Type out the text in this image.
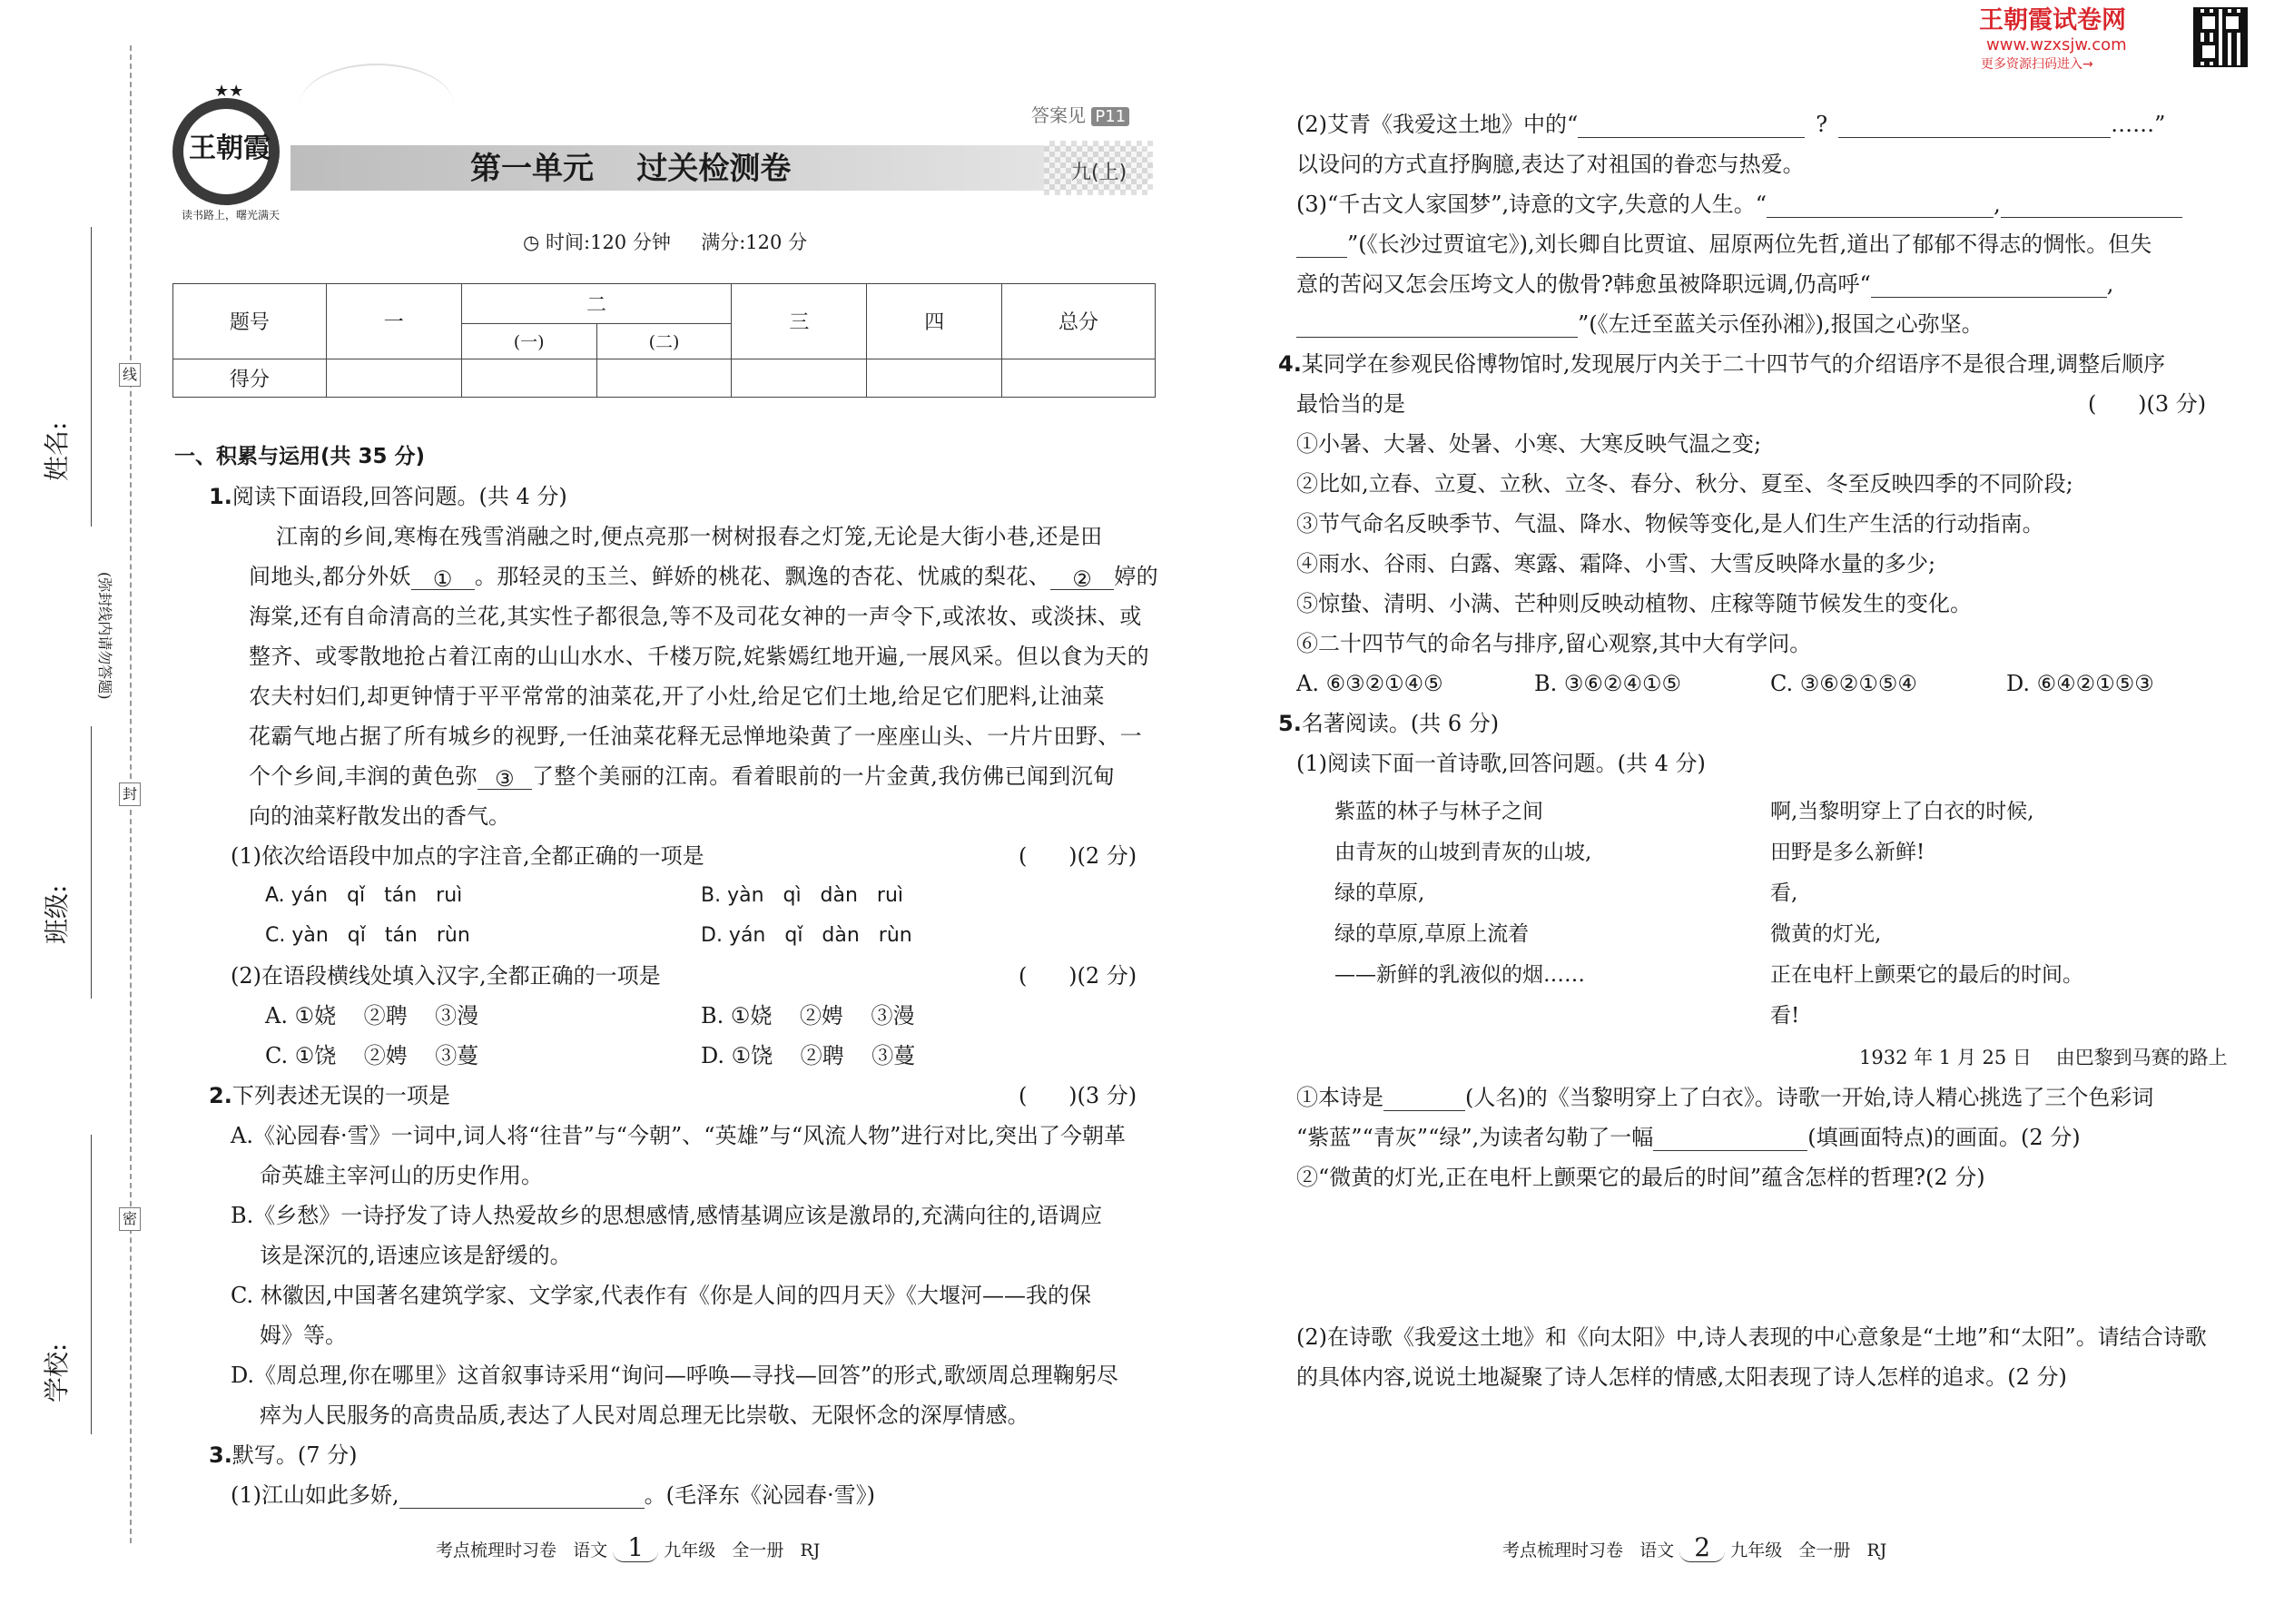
王朝霞试卷网
www.wzxsjw.com
更多资源扫码进入→
姓名:
班级:
学校:
线
封
密
(弥封线内请勿答题)
王朝霞
读书路上，曙光满天
★★
第一单元    过关检测卷
答案见 P11
九(上)
◷ 时间:120 分钟 满分:120 分
题号	一	二		三	四	总分
		(一)	(二)			
得分						
一、积累与运用(共 35 分)
1.阅读下面语段,回答问题。(共 4 分)
江南的乡间,寒梅在残雪消融之时,便点亮那一树树报春之灯笼,无论是大街小巷,还是田
间地头,都分外妖 ① 。那轻灵的玉兰、鲜娇的桃花、飘逸的杏花、忧戚的梨花、 ② 婷的
海棠,还有自命清高的兰花,其实性子都很急,等不及司花女神的一声令下,或浓妆、或淡抹、或
整齐、或零散地抢占着江南的山山水水、千楼万院,姹紫嫣红地开遍,一展风采。但以食为天的
农夫村妇们,却更钟情于平平常常的油菜花,开了小灶,给足它们土地,给足它们肥料,让油菜
花霸气地占据了所有城乡的视野,一任油菜花释无忌惮地染黄了一座座山头、一片片田野、一
个个乡间,丰润的黄色弥 ③ 了整个美丽的江南。看着眼前的一片金黄,我仿佛已闻到沉甸
向的油菜籽散发出的香气。
(1)依次给语段中加点的字注音,全都正确的一项是	(      )(2 分)
A. yán   qǐ   tán   ruì	B. yàn   qì   dàn   ruì
C. yàn   qǐ   tán   rùn	D. yán   qǐ   dàn   rùn
(2)在语段横线处填入汉字,全都正确的一项是	(      )(2 分)
A. ①娆    ②聘    ③漫	B. ①娆    ②娉    ③漫
C. ①饶    ②娉    ③蔓	D. ①饶    ②聘    ③蔓
2.下列表述无误的一项是	(      )(3 分)
A.《沁园春·雪》一词中,词人将“往昔”与“今朝”、“英雄”与“风流人物”进行对比,突出了今朝革
命英雄主宰河山的历史作用。
B.《乡愁》一诗抒发了诗人热爱故乡的思想感情,感情基调应该是激昂的,充满向往的,语调应
该是深沉的,语速应该是舒缓的。
C. 林徽因,中国著名建筑学家、文学家,代表作有《你是人间的四月天》《大堰河——我的保
姆》等。
D.《周总理,你在哪里》这首叙事诗采用“询问—呼唤—寻找—回答”的形式,歌颂周总理鞠躬尽
瘁为人民服务的高贵品质,表达了人民对周总理无比崇敬、无限怀念的深厚情感。
3.默写。(7 分)
(1)江山如此多娇,	。(毛泽东《沁园春·雪》)
考点梳理时习卷   语文 1 九年级   全一册   RJ
(2)艾青《我爱这土地》中的“	?	……”
以设问的方式直抒胸臆,表达了对祖国的眷恋与热爱。
(3)“千古文人家国梦”,诗意的文字,失意的人生。“	,
”(《长沙过贾谊宅》),刘长卿自比贾谊、屈原两位先哲,道出了郁郁不得志的惆怅。但失
意的苦闷又怎会压垮文人的傲骨?韩愈虽被降职远调,仍高呼“	,
”(《左迁至蓝关示侄孙湘》),报国之心弥坚。
4.某同学在参观民俗博物馆时,发现展厅内关于二十四节气的介绍语序不是很合理,调整后顺序
最恰当的是	(      )(3 分)
①小暑、大暑、处暑、小寒、大寒反映气温之变;
②比如,立春、立夏、立秋、立冬、春分、秋分、夏至、冬至反映四季的不同阶段;
③节气命名反映季节、气温、降水、物候等变化,是人们生产生活的行动指南。
④雨水、谷雨、白露、寒露、霜降、小雪、大雪反映降水量的多少;
⑤惊蛰、清明、小满、芒种则反映动植物、庄稼等随节候发生的变化。
⑥二十四节气的命名与排序,留心观察,其中大有学问。
A. ⑥③②①④⑤	B. ③⑥②④①⑤	C. ③⑥②①⑤④	D. ⑥④②①⑤③
5.名著阅读。(共 6 分)
(1)阅读下面一首诗歌,回答问题。(共 4 分)
紫蓝的林子与林子之间
由青灰的山坡到青灰的山坡,
绿的草原,
绿的草原,草原上流着
——新鲜的乳液似的烟……
啊,当黎明穿上了白衣的时候,
田野是多么新鲜!
看,
微黄的灯光,
正在电杆上颤栗它的最后的时间。
看!
1932 年 1 月 25 日    由巴黎到马赛的路上
①本诗是	(人名)的《当黎明穿上了白衣》。诗歌一开始,诗人精心挑选了三个色彩词
“紫蓝”“青灰”“绿”,为读者勾勒了一幅	(填画面特点)的画面。(2 分)
②“微黄的灯光,正在电杆上颤栗它的最后的时间”蕴含怎样的哲理?(2 分)
(2)在诗歌《我爱这土地》和《向太阳》中,诗人表现的中心意象是“土地”和“太阳”。请结合诗歌
的具体内容,说说土地凝聚了诗人怎样的情感,太阳表现了诗人怎样的追求。(2 分)
考点梳理时习卷   语文 2 九年级   全一册   RJ
